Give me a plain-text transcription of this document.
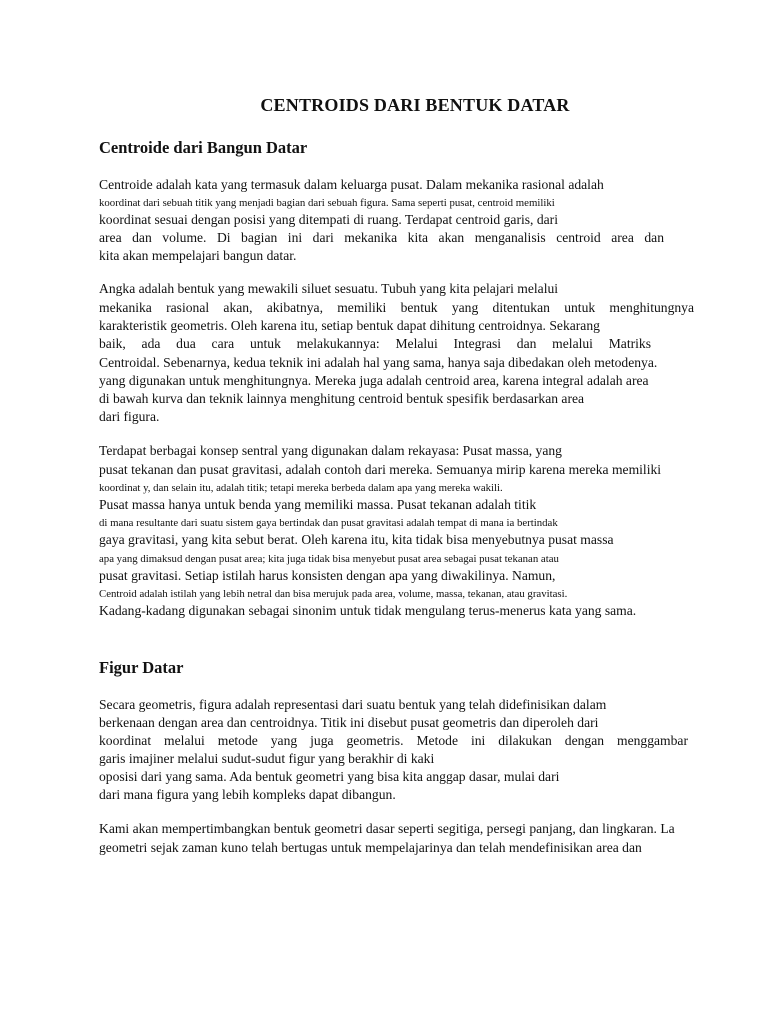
CENTROIDS DARI BENTUK DATAR
Centroide dari Bangun Datar
Centroide adalah kata yang termasuk dalam keluarga pusat. Dalam mekanika rasional adalah
koordinat dari sebuah titik yang menjadi bagian dari sebuah figura. Sama seperti pusat, centroid memiliki
koordinat sesuai dengan posisi yang ditempati di ruang. Terdapat centroid garis, dari
area dan volume. Di bagian ini dari mekanika kita akan menganalisis centroid area dan
kita akan mempelajari bangun datar.
Angka adalah bentuk yang mewakili siluet sesuatu. Tubuh yang kita pelajari melalui
mekanika rasional akan, akibatnya, memiliki bentuk yang ditentukan untuk menghitungnya
karakteristik geometris. Oleh karena itu, setiap bentuk dapat dihitung centroidnya. Sekarang
baik, ada dua cara untuk melakukannya: Melalui Integrasi dan melalui Matriks
Centroidal. Sebenarnya, kedua teknik ini adalah hal yang sama, hanya saja dibedakan oleh metodenya.
yang digunakan untuk menghitungnya. Mereka juga adalah centroid area, karena integral adalah area
di bawah kurva dan teknik lainnya menghitung centroid bentuk spesifik berdasarkan area
dari figura.
Terdapat berbagai konsep sentral yang digunakan dalam rekayasa: Pusat massa, yang
pusat tekanan dan pusat gravitasi, adalah contoh dari mereka. Semuanya mirip karena mereka memiliki
koordinat y, dan selain itu, adalah titik; tetapi mereka berbeda dalam apa yang mereka wakili.
Pusat massa hanya untuk benda yang memiliki massa. Pusat tekanan adalah titik
di mana resultante dari suatu sistem gaya bertindak dan pusat gravitasi adalah tempat di mana ia bertindak
gaya gravitasi, yang kita sebut berat. Oleh karena itu, kita tidak bisa menyebutnya pusat massa
apa yang dimaksud dengan pusat area; kita juga tidak bisa menyebut pusat area sebagai pusat tekanan atau
pusat gravitasi. Setiap istilah harus konsisten dengan apa yang diwakilinya. Namun,
Centroid adalah istilah yang lebih netral dan bisa merujuk pada area, volume, massa, tekanan, atau gravitasi.
Kadang-kadang digunakan sebagai sinonim untuk tidak mengulang terus-menerus kata yang sama.
Figur Datar
Secara geometris, figura adalah representasi dari suatu bentuk yang telah didefinisikan dalam
berkenaan dengan area dan centroidnya. Titik ini disebut pusat geometris dan diperoleh dari
koordinat melalui metode yang juga geometris. Metode ini dilakukan dengan menggambar
garis imajiner melalui sudut-sudut figur yang berakhir di kaki
oposisi dari yang sama. Ada bentuk geometri yang bisa kita anggap dasar, mulai dari
dari mana figura yang lebih kompleks dapat dibangun.
Kami akan mempertimbangkan bentuk geometri dasar seperti segitiga, persegi panjang, dan lingkaran. La
geometri sejak zaman kuno telah bertugas untuk mempelajarinya dan telah mendefinisikan area dan
